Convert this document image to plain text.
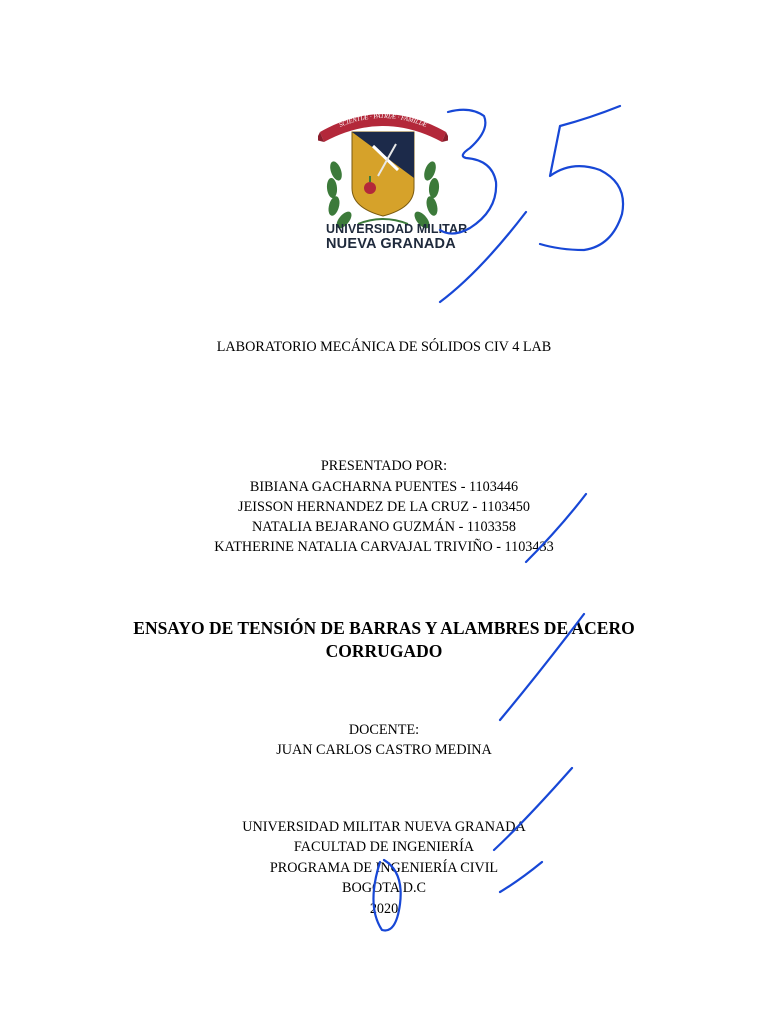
SCIENTIÆ · PATRIÆ · FAMILIÆ
UNIVERSIDAD MILITAR
NUEVA GRANADA
LABORATORIO MECÁNICA DE SÓLIDOS CIV 4 LAB
PRESENTADO POR:
BIBIANA GACHARNA PUENTES - 1103446
JEISSON HERNANDEZ DE LA CRUZ - 1103450
NATALIA BEJARANO GUZMÁN - 1103358
KATHERINE NATALIA CARVAJAL TRIVIÑO - 1103433
ENSAYO DE TENSIÓN DE BARRAS Y ALAMBRES DE ACERO
CORRUGADO
DOCENTE:
JUAN CARLOS CASTRO MEDINA
UNIVERSIDAD MILITAR NUEVA GRANADA
FACULTAD DE INGENIERÍA
PROGRAMA DE INGENIERÍA CIVIL
BOGOTA D.C
2020
